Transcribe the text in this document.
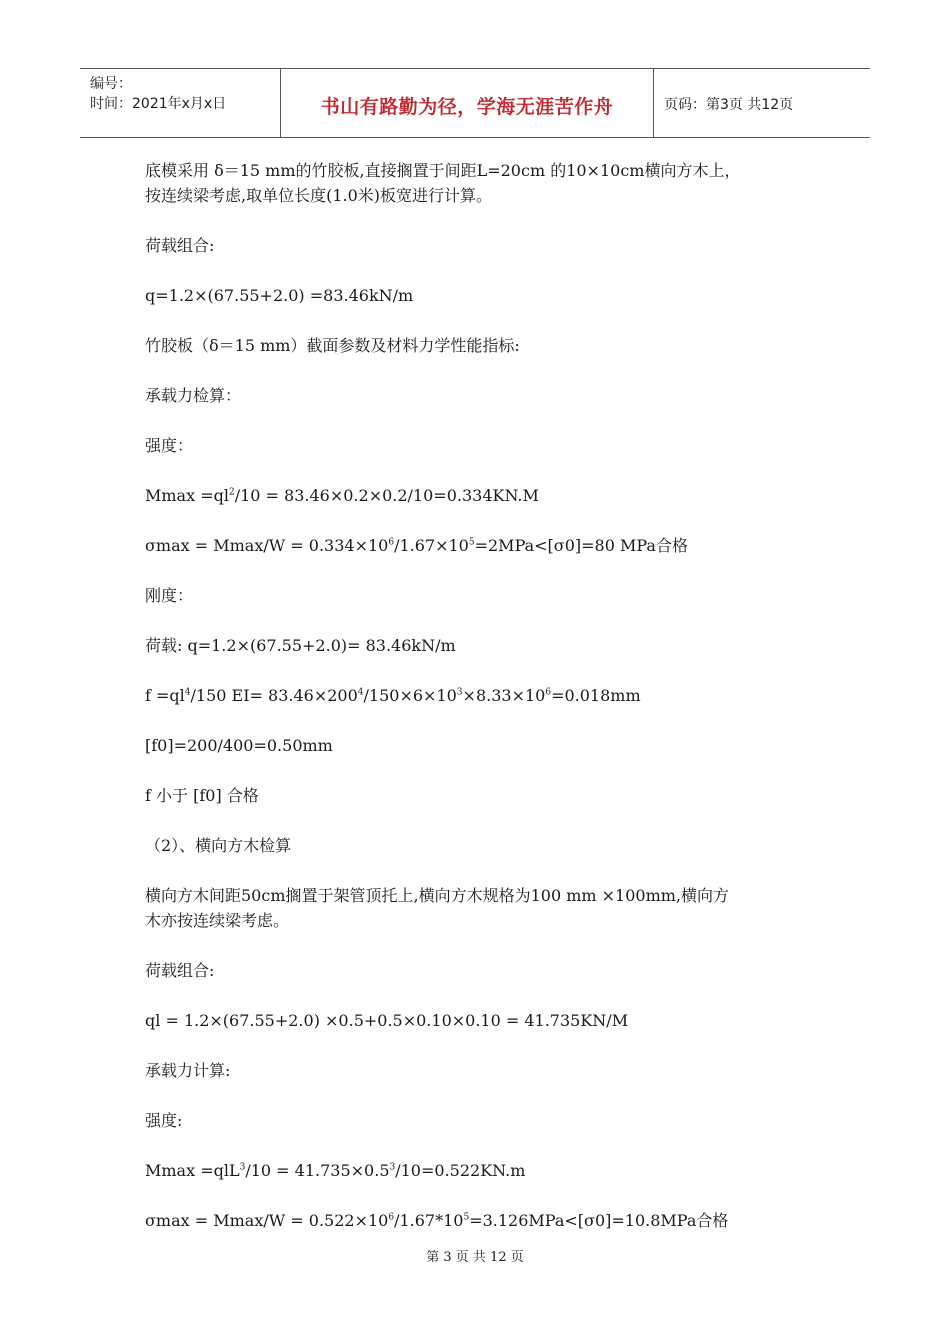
编号：
时间：2021年x月x日	书山有路勤为径，学海无涯苦作舟	页码：第3页 共12页

底模采用 δ＝15 mm的竹胶板,直接搁置于间距L=20cm 的10×10cm横向方木上，

按连续梁考虑,取单位长度(1.0米)板宽进行计算。

荷载组合:

q=1.2×(67.55+2.0) =83.46kN/m

竹胶板（δ＝15 mm）截面参数及材料力学性能指标:

承载力检算：

强度：

$Mmax =ql^2/10 = 83.46\times 0.2\times 0.2/10=0.334KN.M$

$\sigma\max = Mmax/W = 0.334\times 10^6/1.67\times 10^5=2MPa<[\sigma 0]=80$ MPa合格

刚度：

荷载: q=1.2×(67.55+2.0)= 83.46kN/m

$f =ql^4/150$ $EI= 83.46\times 200^4/150\times 6\times 10^3\times 8.33\times 10^6=0.018mm$

[f0]=200/400=0.50mm

f 小于 [f0] 合格

（2）、横向方木检算

横向方木间距50cm搁置于架管顶托上,横向方木规格为100 mm ×100mm,横向方

木亦按连续梁考虑。

荷载组合:

ql = 1.2×(67.55+2.0) ×0.5+0.5×0.10×0.10 = 41.735KN/M

承载力计算:

强度:

$Mmax =qlL^3/10 = 41.735\times 0.5^3/10=0.522KN.m$

$\sigma\max = Mmax/W = 0.522\times 10^6/1.67*10^5=3.126MPa<[\sigma 0]=10.8MPa$合格

第 3 页 共 12 页
